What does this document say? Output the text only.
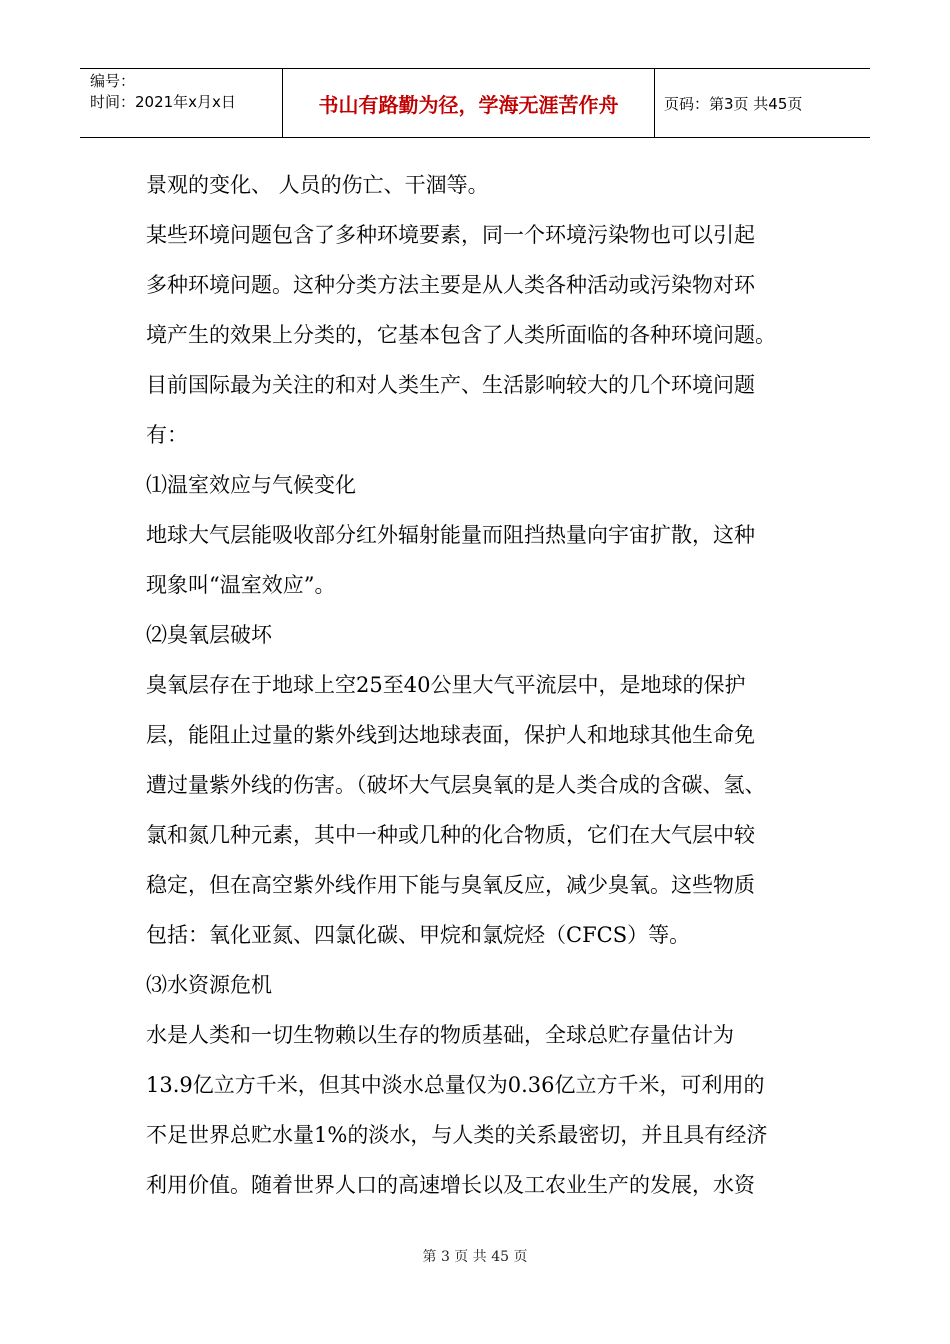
编号：
时间：2021年x月x日	书山有路勤为径，学海无涯苦作舟	页码：第3页 共45页
景观的变化、 人员的伤亡、干涸等。
某些环境问题包含了多种环境要素，同一个环境污染物也可以引起
多种环境问题。这种分类方法主要是从人类各种活动或污染物对环
境产生的效果上分类的，它基本包含了人类所面临的各种环境问题。
目前国际最为关注的和对人类生产、生活影响较大的几个环境问题
有：
⑴温室效应与气候变化
地球大气层能吸收部分红外辐射能量而阻挡热量向宇宙扩散，这种
现象叫“温室效应”。
⑵臭氧层破坏
臭氧层存在于地球上空25至40公里大气平流层中，是地球的保护
层，能阻止过量的紫外线到达地球表面，保护人和地球其他生命免
遭过量紫外线的伤害。（破坏大气层臭氧的是人类合成的含碳、氢、
氯和氮几种元素，其中一种或几种的化合物质，它们在大气层中较
稳定，但在高空紫外线作用下能与臭氧反应，减少臭氧。这些物质
包括：氧化亚氮、四氯化碳、甲烷和氯烷烃（CFCS）等。
⑶水资源危机
水是人类和一切生物赖以生存的物质基础，全球总贮存量估计为
13.9亿立方千米，但其中淡水总量仅为0.36亿立方千米，可利用的
不足世界总贮水量1%的淡水，与人类的关系最密切，并且具有经济
利用价值。随着世界人口的高速增长以及工农业生产的发展，水资
第 3 页 共 45 页
